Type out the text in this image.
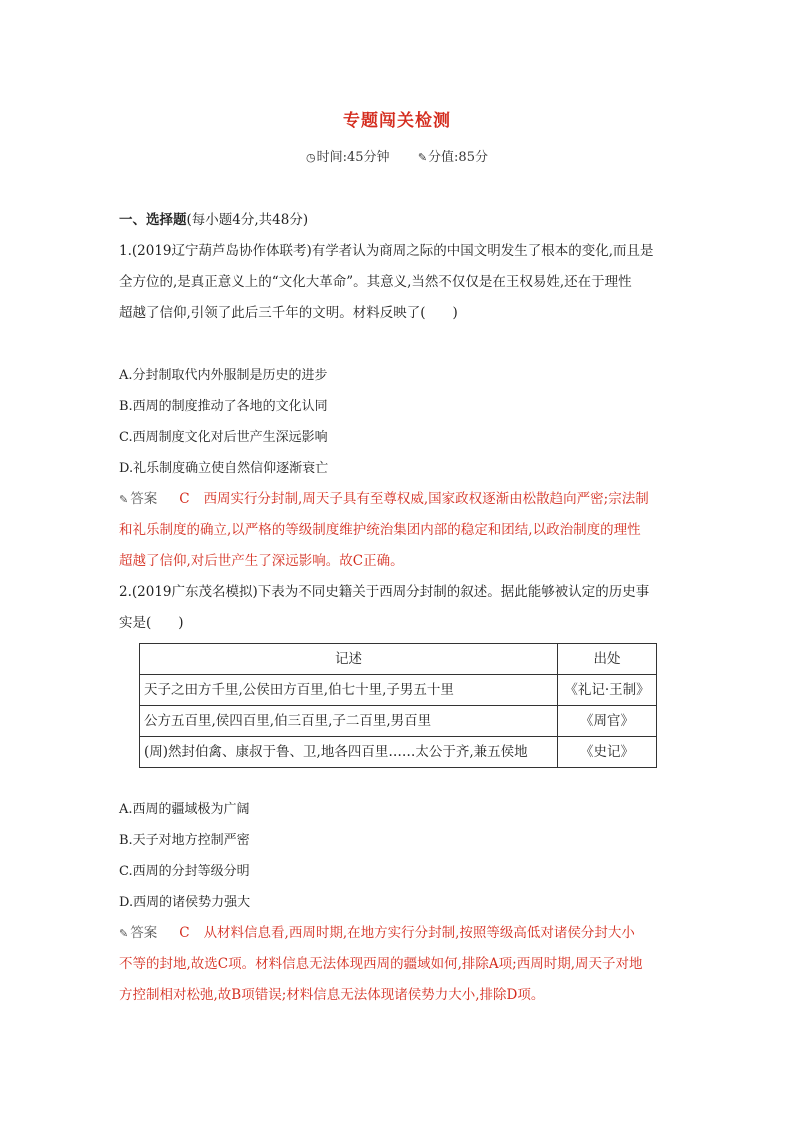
专题闯关检测
◷时间:45分钟	✎分值:85分

一、选择题(每小题4分,共48分)

1.(2019辽宁葫芦岛协作体联考)有学者认为商周之际的中国文明发生了根本的变化,而且是

全方位的,是真正意义上的“文化大革命”。其意义,当然不仅仅是在王权易姓,还在于理性

超越了信仰,引领了此后三千年的文明。材料反映了(　　)

A.分封制取代内外服制是历史的进步

B.西周的制度推动了各地的文化认同

C.西周制度文化对后世产生深远影响

D.礼乐制度确立使自然信仰逐渐衰亡

✎ 答案 C 西周实行分封制,周天子具有至尊权威,国家政权逐渐由松散趋向严密;宗法制

和礼乐制度的确立,以严格的等级制度维护统治集团内部的稳定和团结,以政治制度的理性

超越了信仰,对后世产生了深远影响。故C正确。

2.(2019广东茂名模拟)下表为不同史籍关于西周分封制的叙述。据此能够被认定的历史事

实是(　　)

记述	出处
天子之田方千里,公侯田方百里,伯七十里,子男五十里	《礼记·王制》
公方五百里,侯四百里,伯三百里,子二百里,男百里	《周官》
(周)然封伯禽、康叔于鲁、卫,地各四百里……太公于齐,兼五侯地	《史记》

A.西周的疆域极为广阔

B.天子对地方控制严密

C.西周的分封等级分明

D.西周的诸侯势力强大

✎ 答案 C 从材料信息看,西周时期,在地方实行分封制,按照等级高低对诸侯分封大小

不等的封地,故选C项。材料信息无法体现西周的疆域如何,排除A项;西周时期,周天子对地

方控制相对松弛,故B项错误;材料信息无法体现诸侯势力大小,排除D项。
